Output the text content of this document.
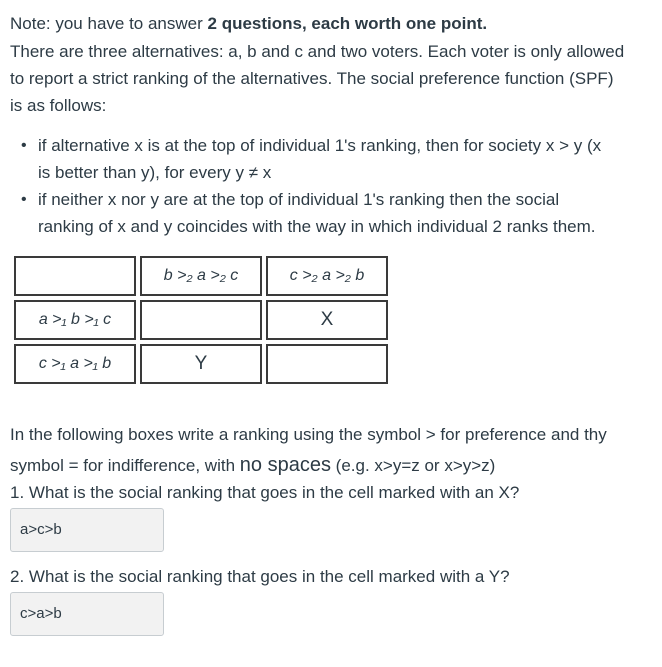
Note: you have to answer 2 questions, each worth one point.
There are three alternatives: a, b and c and two voters. Each voter is only allowed
to report a strict ranking of the alternatives. The social preference function (SPF)
is as follows:
• if alternative x is at the top of individual 1's ranking, then for society x > y (x
is better than y), for every y ≠ x
• if neither x nor y are at the top of individual 1's ranking then the social
ranking of x and y coincides with the way in which individual 2 ranks them.
	b >₂ a >₂ c	c >₂ a >₂ b
a >₁ b >₁ c		X
c >₁ a >₁ b	Y	
In the following boxes write a ranking using the symbol > for preference and thy
symbol = for indifference, with no spaces (e.g. x>y=z or x>y>z)
1. What is the social ranking that goes in the cell marked with an X?
a>c>b
2. What is the social ranking that goes in the cell marked with a Y?
c>a>b
